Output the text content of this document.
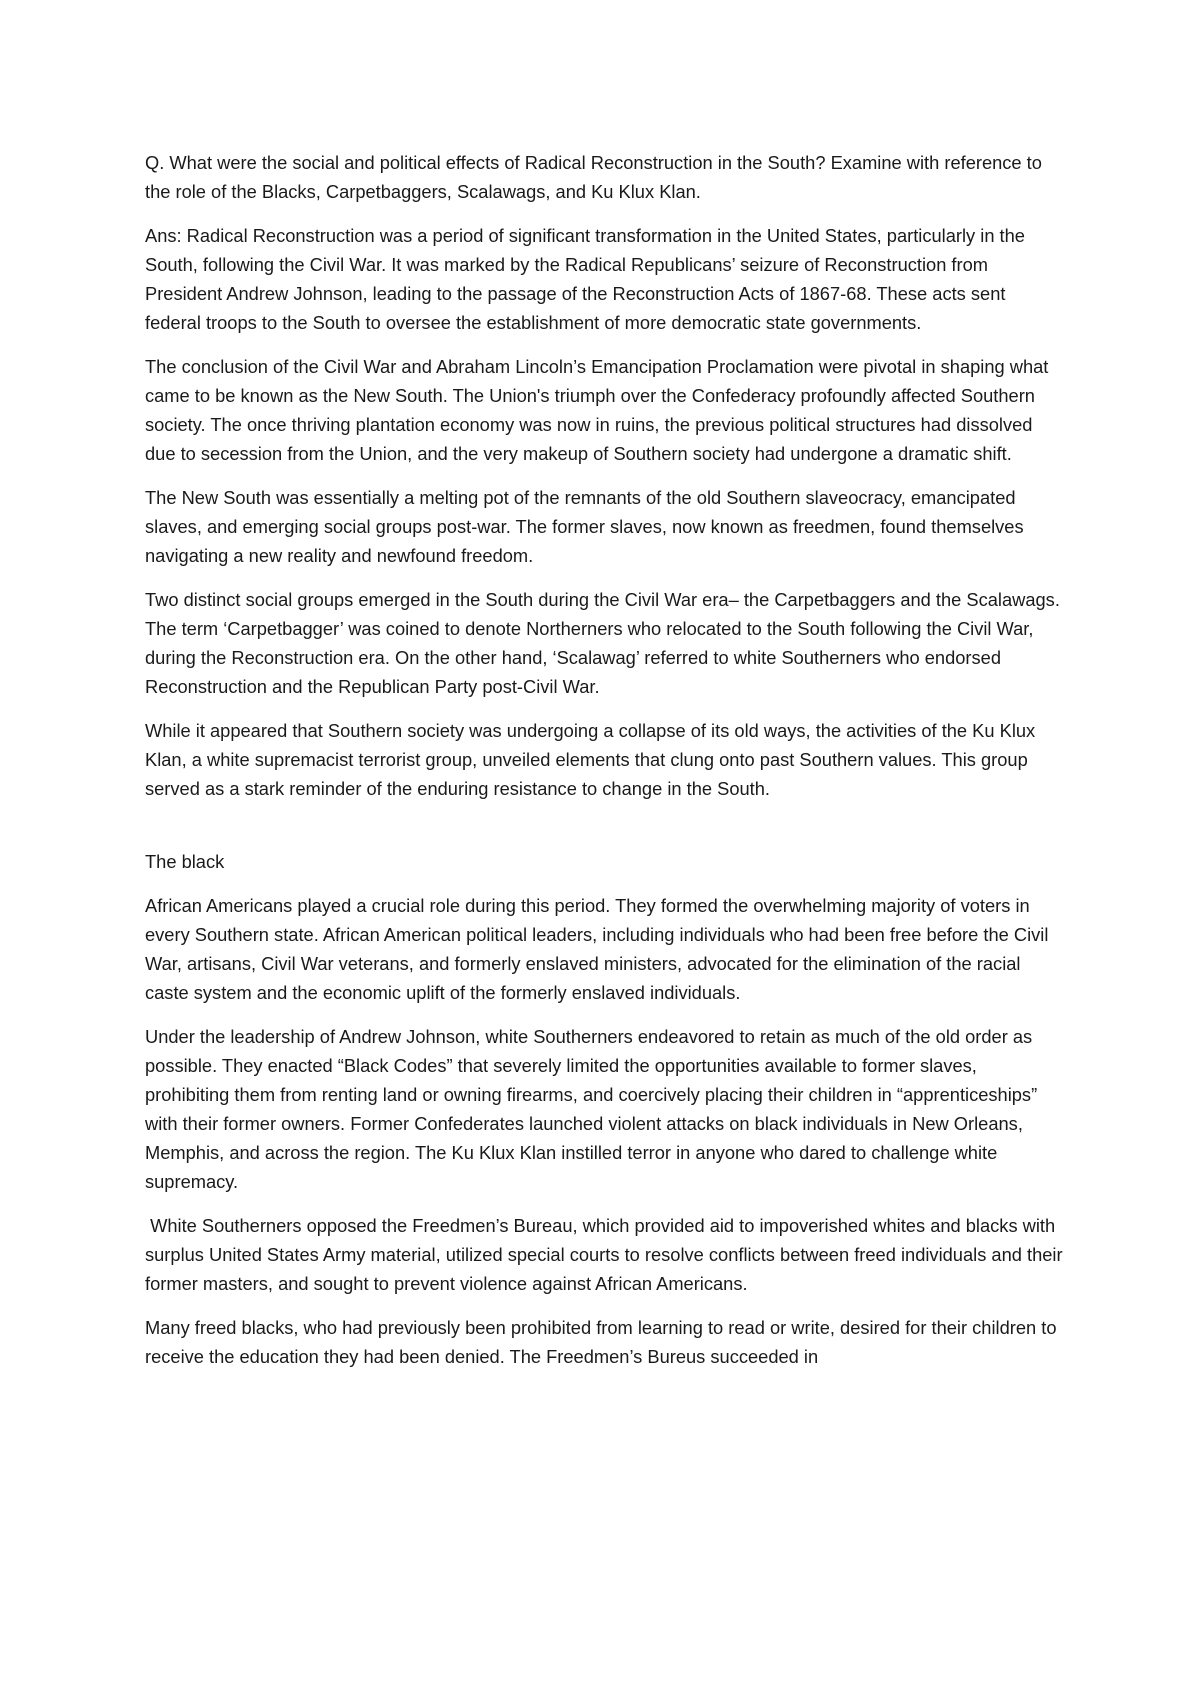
Q. What were the social and political effects of Radical Reconstruction in the South? Examine with reference to the role of the Blacks, Carpetbaggers, Scalawags, and Ku Klux Klan.

Ans: Radical Reconstruction was a period of significant transformation in the United States, particularly in the South, following the Civil War. It was marked by the Radical Republicans’ seizure of Reconstruction from President Andrew Johnson, leading to the passage of the Reconstruction Acts of 1867-68. These acts sent federal troops to the South to oversee the establishment of more democratic state governments.

The conclusion of the Civil War and Abraham Lincoln’s Emancipation Proclamation were pivotal in shaping what came to be known as the New South. The Union's triumph over the Confederacy profoundly affected Southern society. The once thriving plantation economy was now in ruins, the previous political structures had dissolved due to secession from the Union, and the very makeup of Southern society had undergone a dramatic shift.

The New South was essentially a melting pot of the remnants of the old Southern slaveocracy, emancipated slaves, and emerging social groups post-war. The former slaves, now known as freedmen, found themselves navigating a new reality and newfound freedom.

Two distinct social groups emerged in the South during the Civil War era– the Carpetbaggers and the Scalawags. The term ‘Carpetbagger’ was coined to denote Northerners who relocated to the South following the Civil War, during the Reconstruction era. On the other hand, ‘Scalawag’ referred to white Southerners who endorsed Reconstruction and the Republican Party post-Civil War.

While it appeared that Southern society was undergoing a collapse of its old ways, the activities of the Ku Klux Klan, a white supremacist terrorist group, unveiled elements that clung onto past Southern values. This group served as a stark reminder of the enduring resistance to change in the South.

The black

African Americans played a crucial role during this period. They formed the overwhelming majority of voters in every Southern state. African American political leaders, including individuals who had been free before the Civil War, artisans, Civil War veterans, and formerly enslaved ministers, advocated for the elimination of the racial caste system and the economic uplift of the formerly enslaved individuals.

Under the leadership of Andrew Johnson, white Southerners endeavored to retain as much of the old order as possible. They enacted “Black Codes” that severely limited the opportunities available to former slaves, prohibiting them from renting land or owning firearms, and coercively placing their children in “apprenticeships” with their former owners. Former Confederates launched violent attacks on black individuals in New Orleans, Memphis, and across the region. The Ku Klux Klan instilled terror in anyone who dared to challenge white supremacy.

White Southerners opposed the Freedmen’s Bureau, which provided aid to impoverished whites and blacks with surplus United States Army material, utilized special courts to resolve conflicts between freed individuals and their former masters, and sought to prevent violence against African Americans.

Many freed blacks, who had previously been prohibited from learning to read or write, desired for their children to receive the education they had been denied. The Freedmen’s Bureus succeeded in
